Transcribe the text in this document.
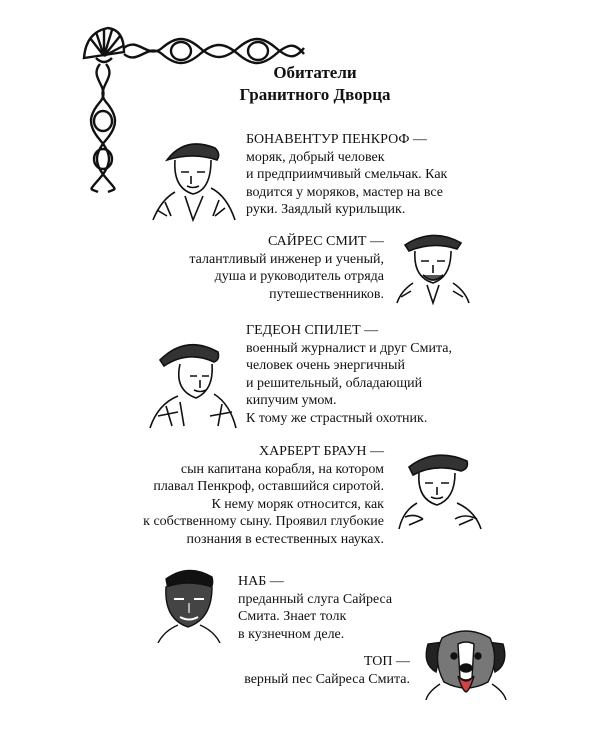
Обитатели
Гранитного Дворца
БОНАВЕНТУР ПЕНКРОФ —
моряк, добрый человек
и предприимчивый смельчак. Как
водится у моряков, мастер на все
руки. Заядлый курильщик.
САЙРЕС СМИТ —
талантливый инженер и ученый,
душа и руководитель отряда
путешественников.
ГЕДЕОН СПИЛЕТ —
военный журналист и друг Смита,
человек очень энергичный
и решительный, обладающий
кипучим умом.
К тому же страстный охотник.
ХАРБЕРТ БРАУН —
сын капитана корабля, на котором
плавал Пенкроф, оставшийся сиротой.
К нему моряк относится, как
к собственному сыну. Проявил глубокие
познания в естественных науках.
НАБ —
преданный слуга Сайреса
Смита. Знает толк
в кузнечном деле.
ТОП —
верный пес Сайреса Смита.
